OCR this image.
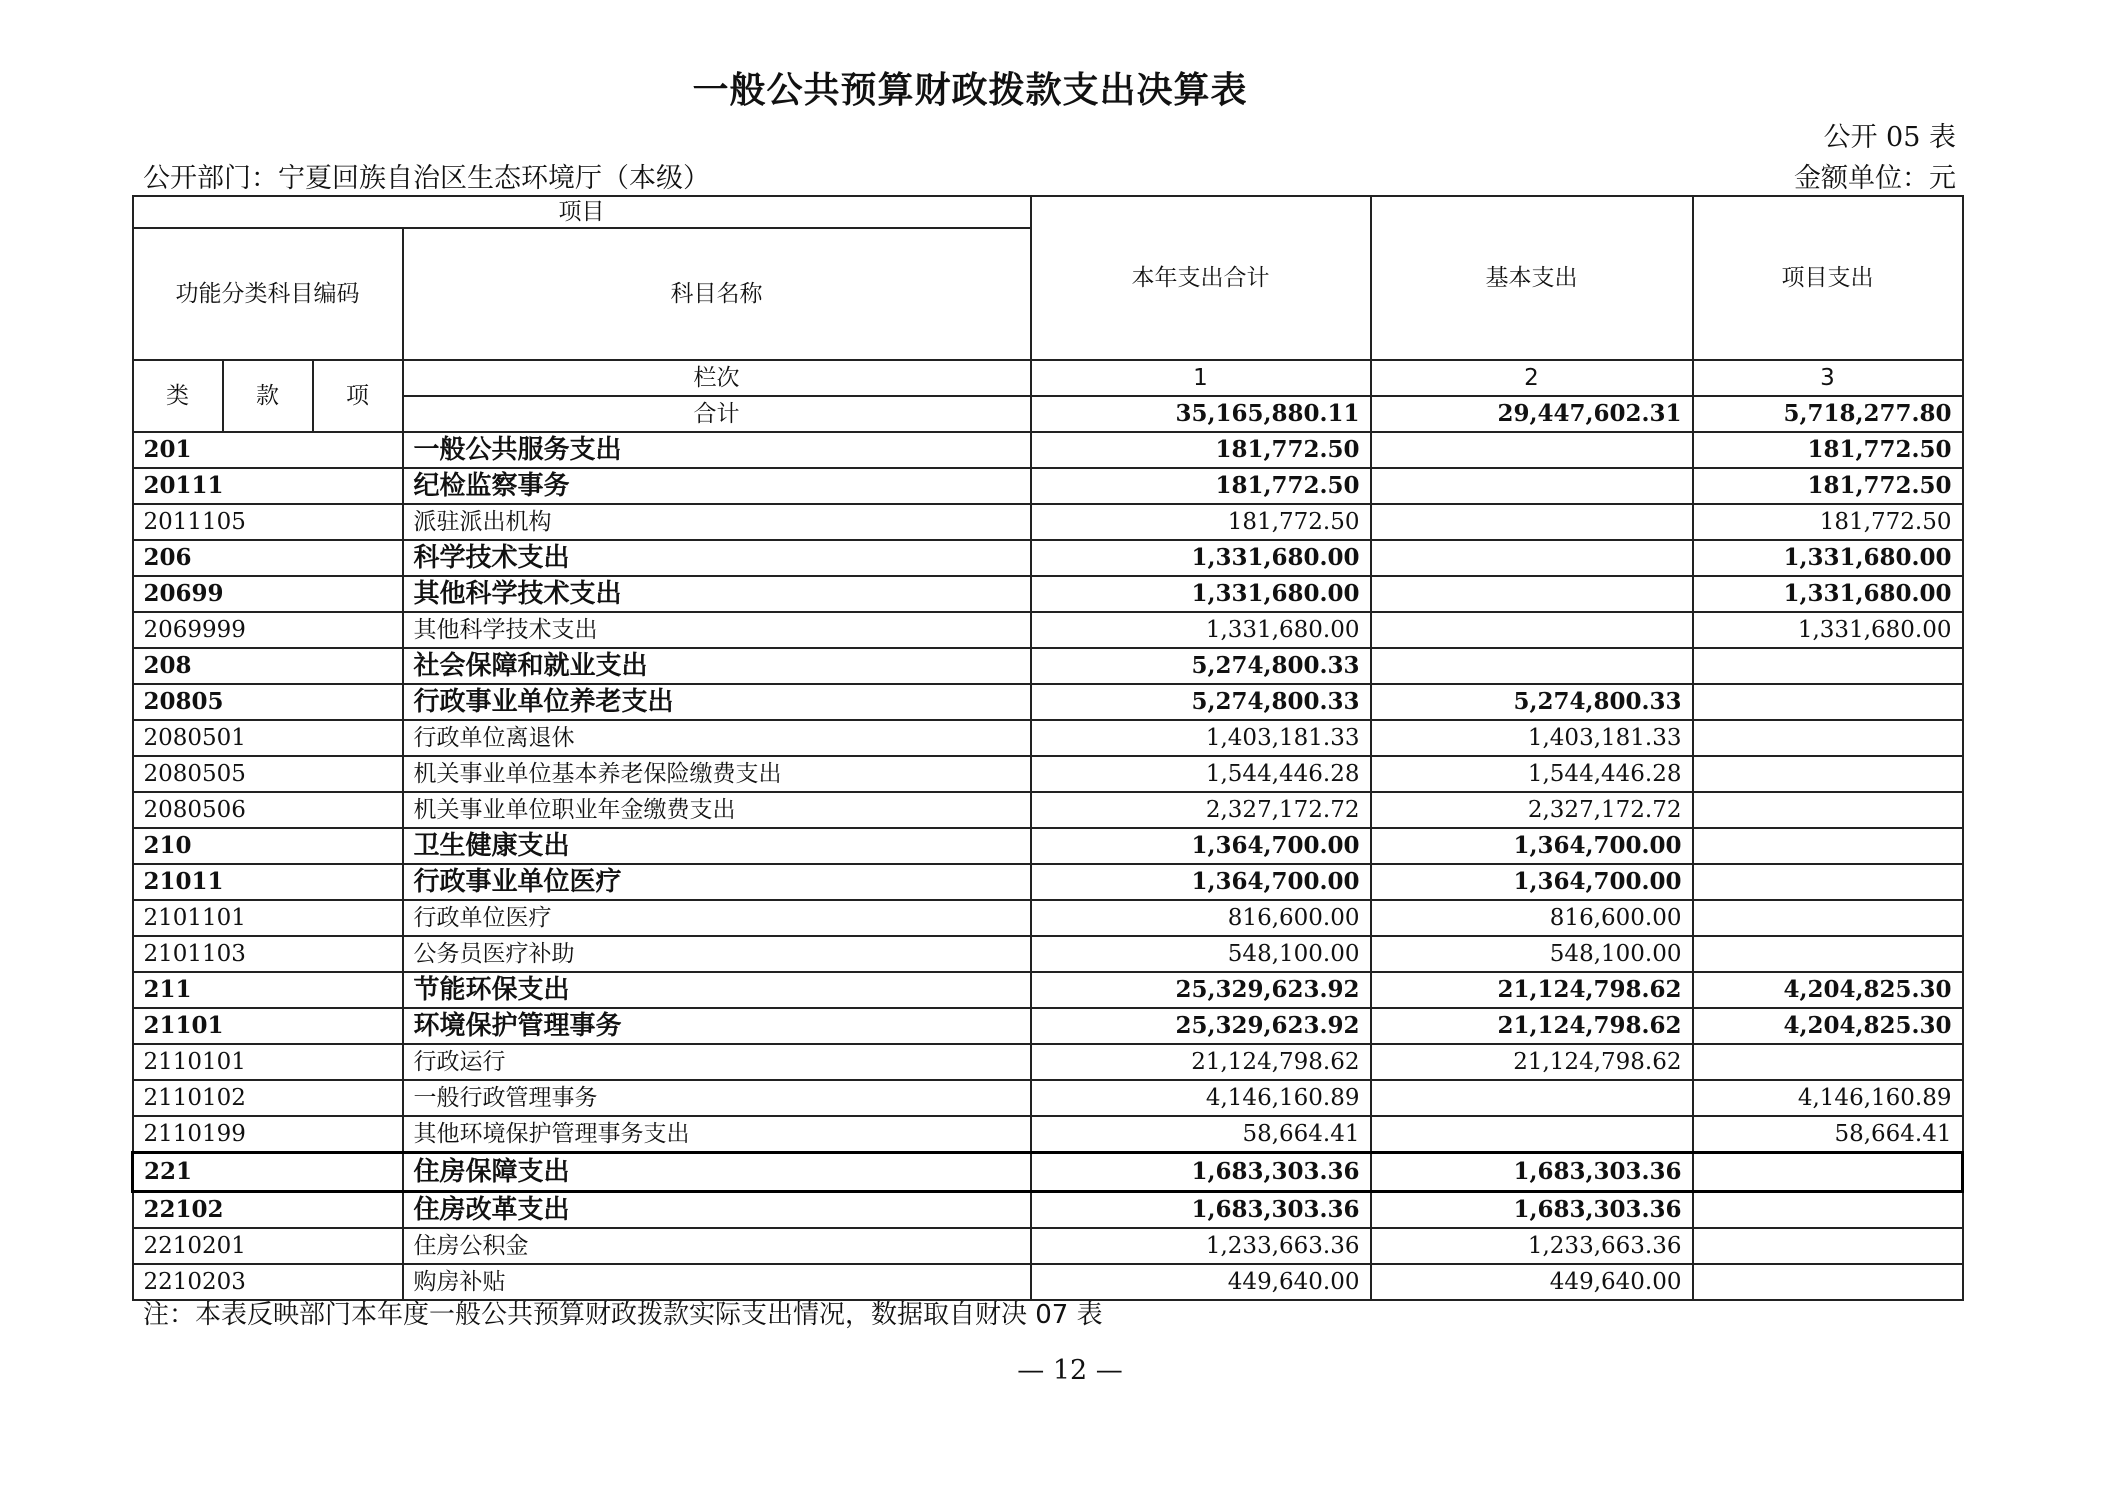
一般公共预算财政拨款支出决算表
公开 05 表
公开部门：宁夏回族自治区生态环境厅（本级）	金额单位：元
项目				本年支出合计	基本支出	项目支出
功能分类科目编码			科目名称			
类	款	项	栏次	1	2	3
			合计	35,165,880.11	29,447,602.31	5,718,277.80
201			一般公共服务支出	181,772.50		181,772.50
20111			纪检监察事务	181,772.50		181,772.50
2011105			派驻派出机构	181,772.50		181,772.50
206			科学技术支出	1,331,680.00		1,331,680.00
20699			其他科学技术支出	1,331,680.00		1,331,680.00
2069999			其他科学技术支出	1,331,680.00		1,331,680.00
208			社会保障和就业支出	5,274,800.33		
20805			行政事业单位养老支出	5,274,800.33	5,274,800.33	
2080501			行政单位离退休	1,403,181.33	1,403,181.33	
2080505			机关事业单位基本养老保险缴费支出	1,544,446.28	1,544,446.28	
2080506			机关事业单位职业年金缴费支出	2,327,172.72	2,327,172.72	
210			卫生健康支出	1,364,700.00	1,364,700.00	
21011			行政事业单位医疗	1,364,700.00	1,364,700.00	
2101101			行政单位医疗	816,600.00	816,600.00	
2101103			公务员医疗补助	548,100.00	548,100.00	
211			节能环保支出	25,329,623.92	21,124,798.62	4,204,825.30
21101			环境保护管理事务	25,329,623.92	21,124,798.62	4,204,825.30
2110101			行政运行	21,124,798.62	21,124,798.62	
2110102			一般行政管理事务	4,146,160.89		4,146,160.89
2110199			其他环境保护管理事务支出	58,664.41		58,664.41
221			住房保障支出	1,683,303.36	1,683,303.36	
22102			住房改革支出	1,683,303.36	1,683,303.36	
2210201			住房公积金	1,233,663.36	1,233,663.36	
2210203			购房补贴	449,640.00	449,640.00	
注：本表反映部门本年度一般公共预算财政拨款实际支出情况，数据取自财决 07 表
— 12 —
